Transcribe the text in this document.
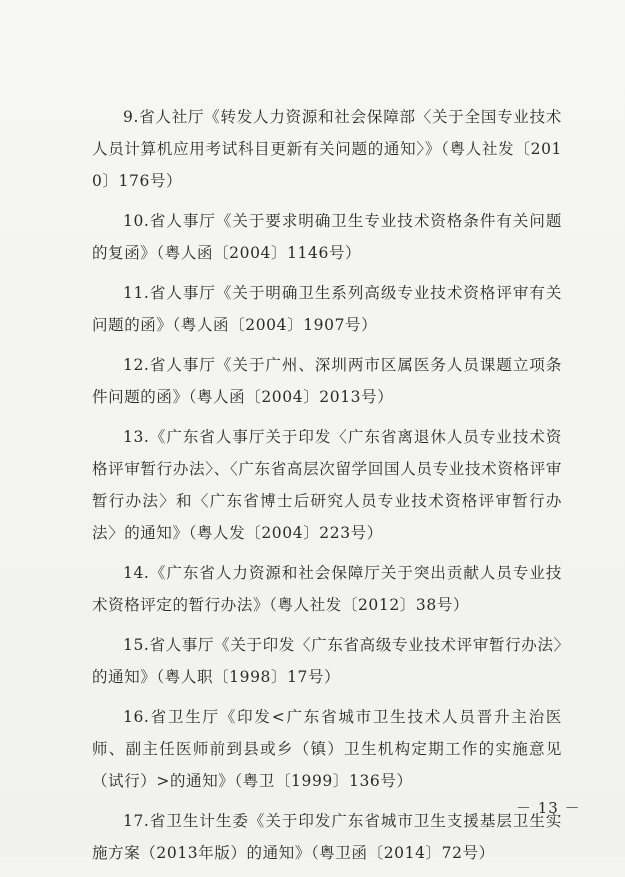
9.省人社厅《转发人力资源和社会保障部〈关于全国专业技术人员计算机应用考试科目更新有关问题的通知〉》（粤人社发〔2010〕176号）

10.省人事厅《关于要求明确卫生专业技术资格条件有关问题的复函》（粤人函〔2004〕1146号）

11.省人事厅《关于明确卫生系列高级专业技术资格评审有关问题的函》（粤人函〔2004〕1907号）

12.省人事厅《关于广州、深圳两市区属医务人员课题立项条件问题的函》（粤人函〔2004〕2013号）

13.《广东省人事厅关于印发〈广东省离退休人员专业技术资格评审暂行办法〉、〈广东省高层次留学回国人员专业技术资格评审暂行办法〉和〈广东省博士后研究人员专业技术资格评审暂行办法〉的通知》（粤人发〔2004〕223号）

14.《广东省人力资源和社会保障厅关于突出贡献人员专业技术资格评定的暂行办法》（粤人社发〔2012〕38号）

15.省人事厅《关于印发〈广东省高级专业技术评审暂行办法〉的通知》（粤人职〔1998〕17号）

16.省卫生厅《印发<广东省城市卫生技术人员晋升主治医师、副主任医师前到县或乡（镇）卫生机构定期工作的实施意见（试行）>的通知》（粤卫〔1999〕136号）

17.省卫生计生委《关于印发广东省城市卫生支援基层卫生实施方案（2013年版）的通知》（粤卫函〔2014〕72号）

－ 13 －
